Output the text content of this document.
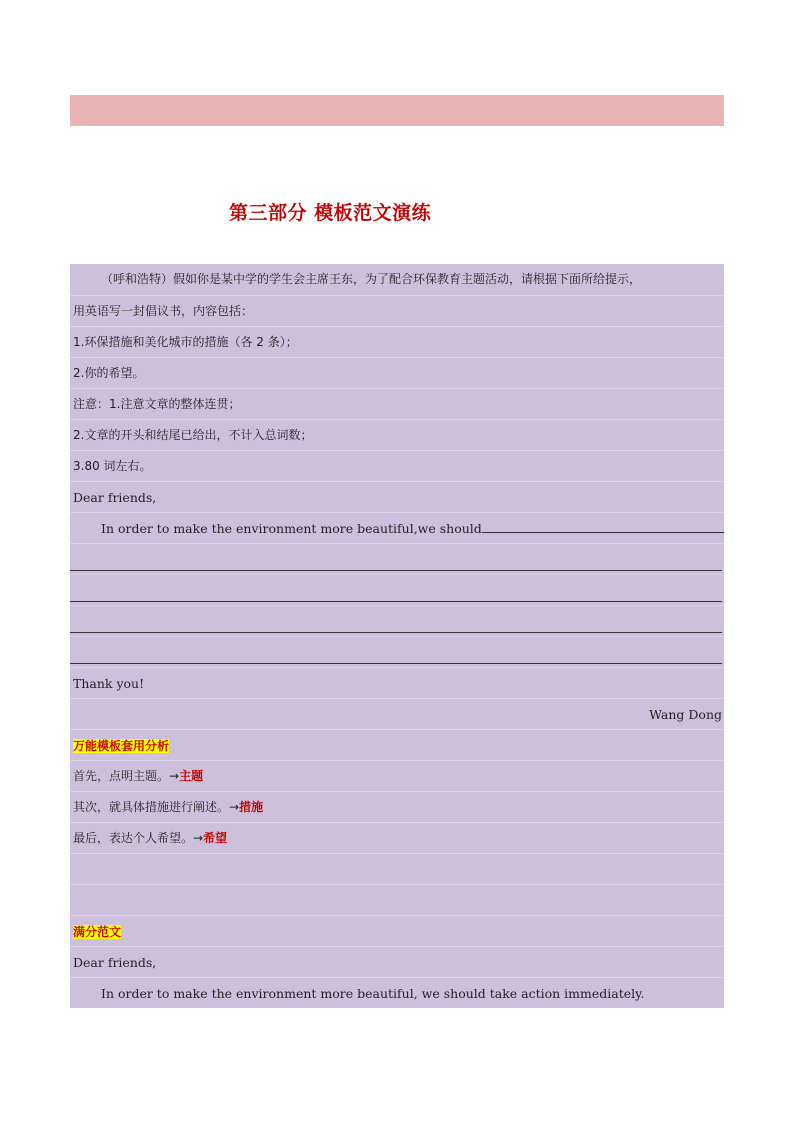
第三部分 模板范文演练
（呼和浩特）假如你是某中学的学生会主席王东，为了配合环保教育主题活动，请根据下面所给提示，
用英语写一封倡议书，内容包括：
1.环保措施和美化城市的措施（各 2 条）；
2.你的希望。
注意：1.注意文章的整体连贯；
2.文章的开头和结尾已给出，不计入总词数；
3.80 词左右。
Dear friends,
In order to make the environment more beautiful,we should
Thank you!
Wang Dong
万能模板套用分析
首先，点明主题。→主题
其次，就具体措施进行阐述。→措施
最后，表达个人希望。→希望
满分范文
Dear friends,
In order to make the environment more beautiful, we should take action immediately.
